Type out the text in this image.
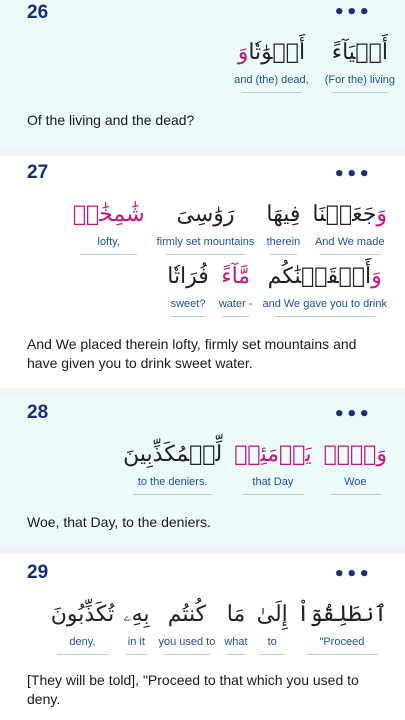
26	•••
أَحۡيَآءً
(For the) living
أَمۡوَٰتٗاوَ
and (the) dead,
Of the living and the dead?
27	•••
وَجَعَلۡنَا
And We made
فِيهَا
therein
رَوَٰسِىَ
firmly set mountains
شَٰمِخَٰتٖ
lofty,
وَأَسۡقَيۡنَٰكُم
and We gave you to drink
مَّآءً
water -
فُرَاتٗا
sweet?
And We placed therein lofty, firmly set mountains and have given you to drink sweet water.
28	•••
وَيۡلٞ
Woe
يَوۡمَئِذٖ
that Day
لِّلۡمُكَذِّبِينَ
to the deniers.
Woe, that Day, to the deniers.
29	•••
ٱنطَلِقُوٓاْ
"Proceed
إِلَىٰ
to
مَا
what
كُنتُم
you used to
بِهِۦ
in it
تُكَذِّبُونَ
deny,
[They will be told], "Proceed to that which you used to deny.
